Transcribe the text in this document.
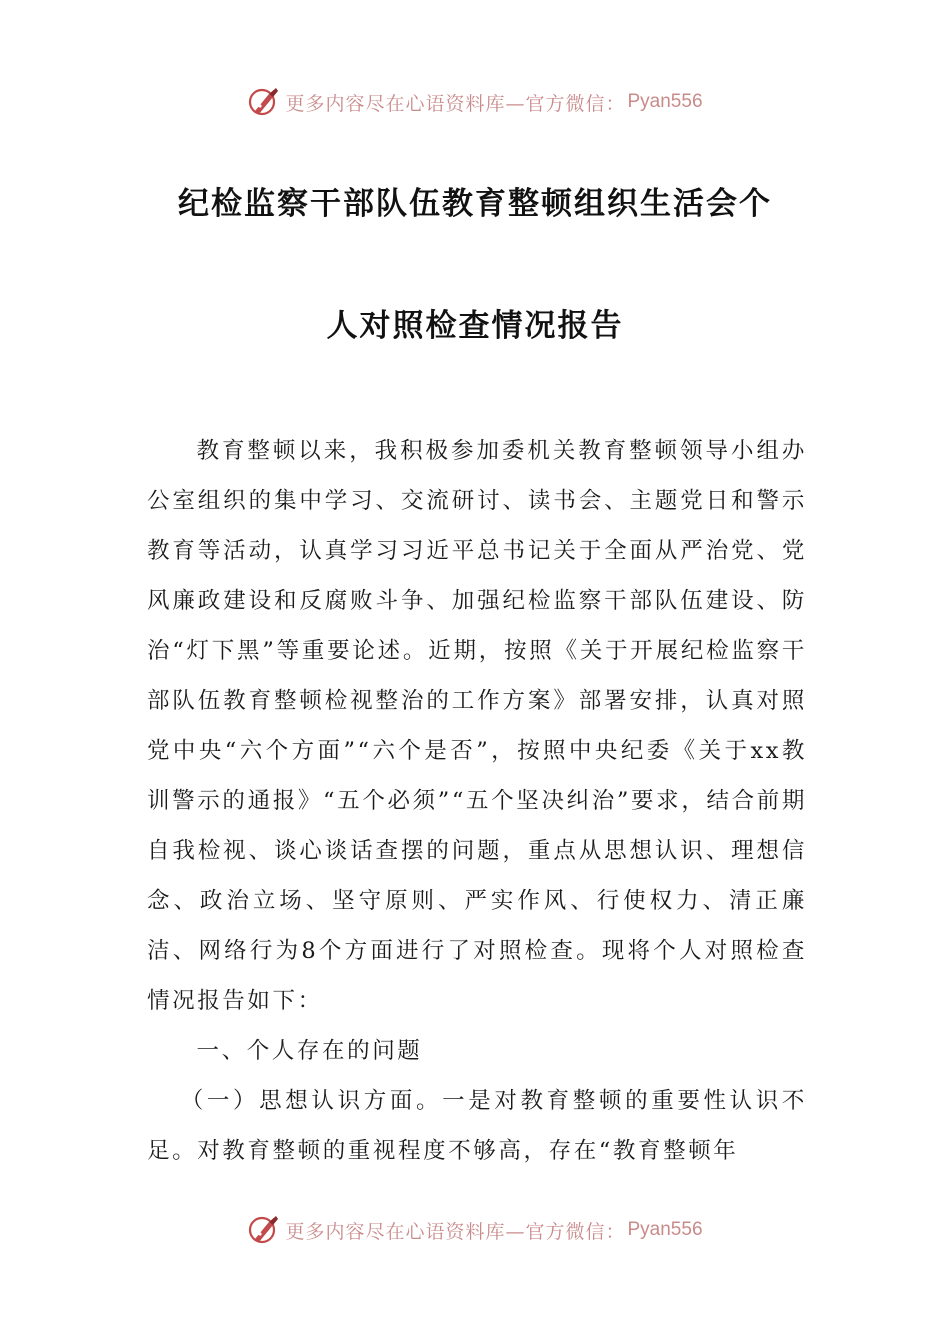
更多内容尽在心语资料库—官方微信： Pyan556
纪检监察干部队伍教育整顿组织生活会个
人对照检查情况报告

教育整顿以来，我积极参加委机关教育整顿领导小组办公室组织的集中学习、交流研讨、读书会、主题党日和警示教育等活动，认真学习习近平总书记关于全面从严治党、党风廉政建设和反腐败斗争、加强纪检监察干部队伍建设、防治“灯下黑”等重要论述。近期，按照《关于开展纪检监察干部队伍教育整顿检视整治的工作方案》部署安排，认真对照党中央“六个方面”“六个是否”，按照中央纪委《关于xx教训警示的通报》“五个必须”“五个坚决纠治”要求，结合前期自我检视、谈心谈话查摆的问题，重点从思想认识、理想信念、政治立场、坚守原则、严实作风、行使权力、清正廉洁、网络行为8个方面进行了对照检查。现将个人对照检查情况报告如下：

一、个人存在的问题

（一）思想认识方面。一是对教育整顿的重要性认识不足。对教育整顿的重视程度不够高，存在“教育整顿年

更多内容尽在心语资料库—官方微信： Pyan556
